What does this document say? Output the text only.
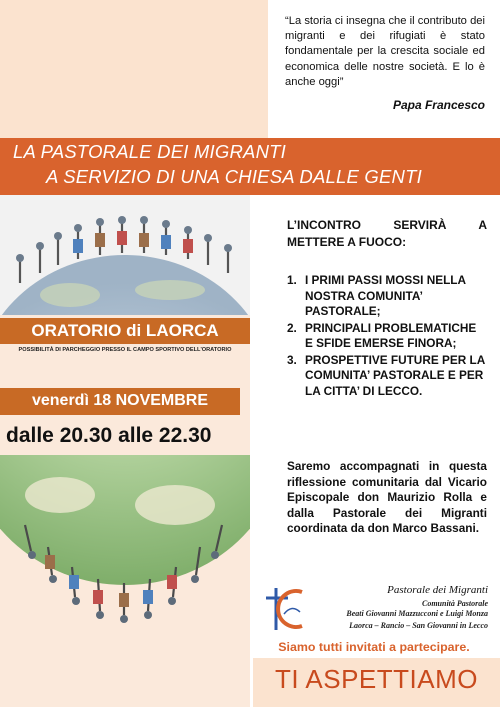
“La storia ci insegna che il contributo dei migranti e dei rifugiati è stato fondamentale per la crescita sociale ed economica delle nostre società. E lo è anche oggi”

Papa Francesco
LA PASTORALE DEI MIGRANTI
A SERVIZIO DI UNA CHIESA DALLE GENTI
ORATORIO di LAORCA
POSSIBILITÀ DI PARCHEGGIO PRESSO IL CAMPO SPORTIVO DELL'ORATORIO
venerdì 18 NOVEMBRE
dalle 20.30 alle 22.30
L’INCONTRO SERVIRÀ A
METTERE A FUOCO:
1. I PRIMI PASSI MOSSI NELLA NOSTRA COMUNITA’ PASTORALE;
2. PRINCIPALI PROBLEMATICHE E SFIDE EMERSE FINORA;
3. PROSPETTIVE FUTURE PER LA COMUNITA’ PASTORALE E PER LA CITTA’ DI LECCO.
Saremo accompagnati in questa riflessione comunitaria dal Vicario Episcopale don Maurizio Rolla e dalla Pastorale dei Migranti coordinata da don Marco Bassani.
Pastorale dei Migranti
Comunità Pastorale
Beati Giovanni Mazzucconi e Luigi Monza
Laorca – Rancio – San Giovanni in Lecco
Siamo tutti invitati a partecipare.
TI ASPETTIAMO
